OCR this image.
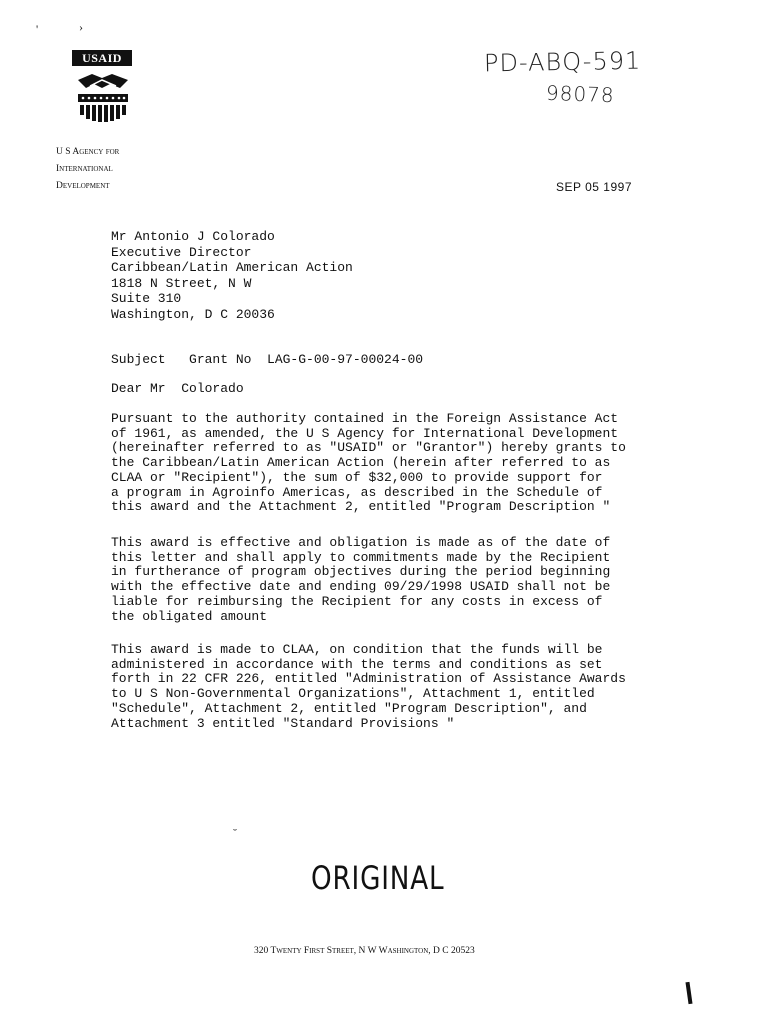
'	›
USAID
U S Agency for
International
Development
PD-ABQ-591
98078
SEP 05 1997
Mr Antonio J Colorado
Executive Director
Caribbean/Latin American Action
1818 N Street, N W
Suite 310
Washington, D C 20036
Subject   Grant No  LAG-G-00-97-00024-00
Dear Mr  Colorado
Pursuant to the authority contained in the Foreign Assistance Act
of 1961, as amended, the U S Agency for International Development
(hereinafter referred to as "USAID" or "Grantor") hereby grants to
the Caribbean/Latin American Action (herein after referred to as
CLAA or "Recipient"), the sum of $32,000 to provide support for
a program in Agroinfo Americas, as described in the Schedule of
this award and the Attachment 2, entitled "Program Description "
This award is effective and obligation is made as of the date of
this letter and shall apply to commitments made by the Recipient
in furtherance of program objectives during the period beginning
with the effective date and ending 09/29/1998 USAID shall not be
liable for reimbursing the Recipient for any costs in excess of
the obligated amount
This award is made to CLAA, on condition that the funds will be
administered in accordance with the terms and conditions as set
forth in 22 CFR 226, entitled "Administration of Assistance Awards
to U S Non-Governmental Organizations", Attachment 1, entitled
"Schedule", Attachment 2, entitled "Program Description", and
Attachment 3 entitled "Standard Provisions "
˘
ORIGINAL
320 Twenty First Street, N W Washington, D C 20523
